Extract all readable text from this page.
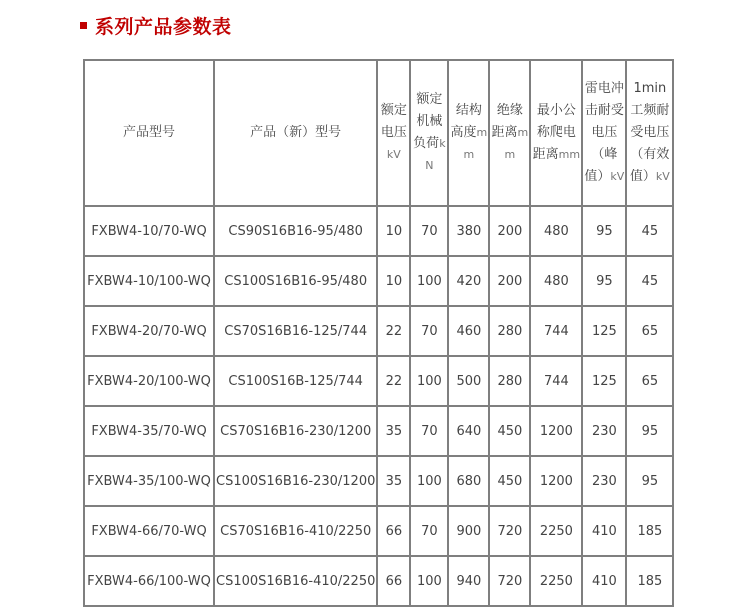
系列产品参数表
产品型号	产品（新）型号	额定电压kV	额定机械负荷kN	结构高度mm	绝缘距离mm	最小公称爬电距离mm	雷电冲击耐受电压（峰值）kV	1min工频耐受电压（有效值）kV
FXBW4-10/70-WQ	CS90S16B16-95/480	10	70	380	200	480	95	45
FXBW4-10/100-WQ	CS100S16B16-95/480	10	100	420	200	480	95	45
FXBW4-20/70-WQ	CS70S16B16-125/744	22	70	460	280	744	125	65
FXBW4-20/100-WQ	CS100S16B-125/744	22	100	500	280	744	125	65
FXBW4-35/70-WQ	CS70S16B16-230/1200	35	70	640	450	1200	230	95
FXBW4-35/100-WQ	CS100S16B16-230/1200	35	100	680	450	1200	230	95
FXBW4-66/70-WQ	CS70S16B16-410/2250	66	70	900	720	2250	410	185
FXBW4-66/100-WQ	CS100S16B16-410/2250	66	100	940	720	2250	410	185
